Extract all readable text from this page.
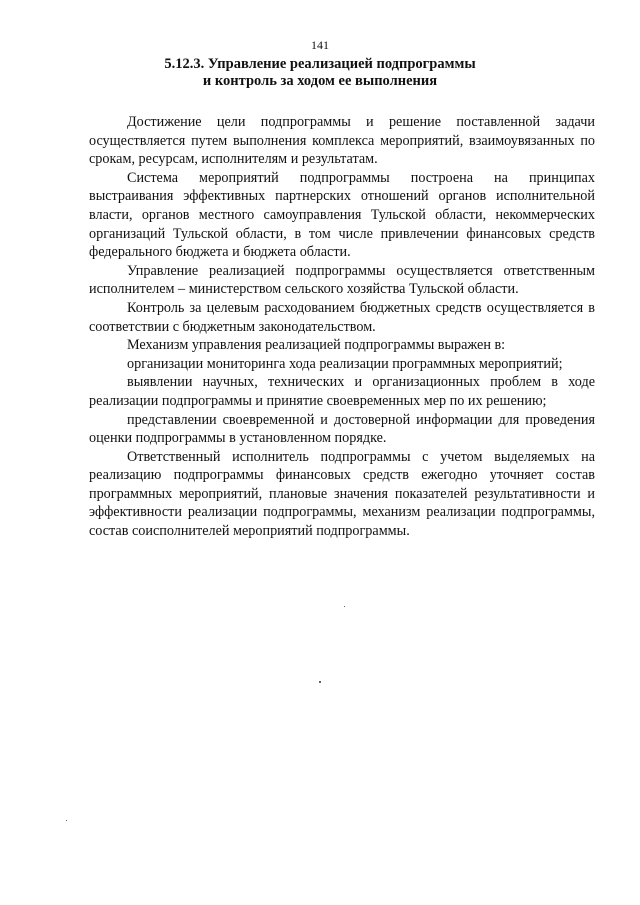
141
5.12.3. Управление реализацией подпрограммы
и контроль за ходом ее выполнения

Достижение цели подпрограммы и решение поставленной задачи осуществляется путем выполнения комплекса мероприятий, взаимоувязанных по срокам, ресурсам, исполнителям и результатам.

Система мероприятий подпрограммы построена на принципах выстраивания эффективных партнерских отношений органов исполнительной власти, органов местного самоуправления Тульской области, некоммерческих организаций Тульской области, в том числе привлечении финансовых средств федерального бюджета и бюджета области.

Управление реализацией подпрограммы осуществляется ответственным исполнителем – министерством сельского хозяйства Тульской области.

Контроль за целевым расходованием бюджетных средств осуществляется в соответствии с бюджетным законодательством.

Механизм управления реализацией подпрограммы выражен в:

организации мониторинга хода реализации программных мероприятий;

выявлении научных, технических и организационных проблем в ходе реализации подпрограммы и принятие своевременных мер по их решению;

представлении своевременной и достоверной информации для проведения оценки подпрограммы в установленном порядке.

Ответственный исполнитель подпрограммы с учетом выделяемых на реализацию подпрограммы финансовых средств ежегодно уточняет состав программных мероприятий, плановые значения показателей результативности и эффективности реализации подпрограммы, механизм реализации подпрограммы, состав соисполнителей мероприятий подпрограммы.
